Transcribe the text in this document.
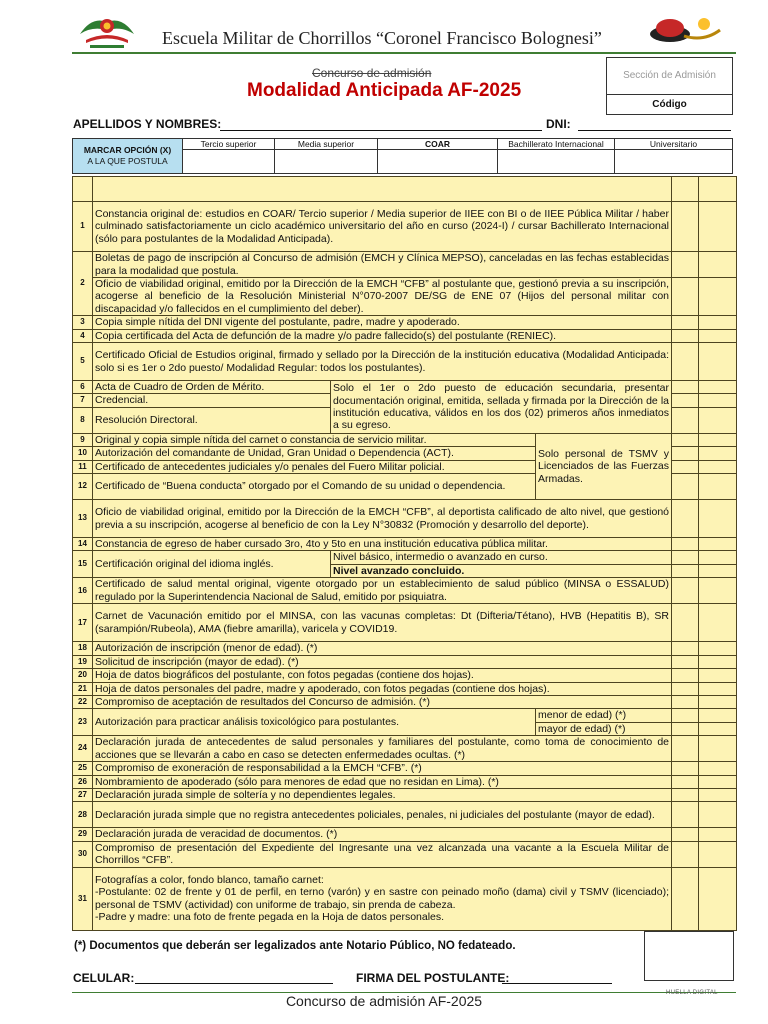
Escuela Militar de Chorrillos “Coronel Francisco Bolognesi”
Concurso de admisión
Modalidad Anticipada AF-2025
Sección de Admisión
Código
APELLIDOS Y NOMBRES:	DNI:
MARCAR OPCIÓN (X)
A LA QUE POSTULA	Tercio superior	Media superior	COAR	Bachillerato Internacional	Universitario

1	Constancia original de: estudios en COAR/ Tercio superior / Media superior de IIEE con BI o de IIEE Pública Militar / haber culminado satisfactoriamente un ciclo académico universitario del año en curso (2024-I) / cursar Bachillerato Internacional (sólo para postulantes de la Modalidad Anticipada).				
2	Boletas de pago de inscripción al Concurso de admisión (EMCH y Clínica MEPSO), canceladas en las fechas establecidas para la modalidad que postula.				
	Oficio de viabilidad original, emitido por la Dirección de la EMCH “CFB” al postulante que, gestionó previa a su inscripción, acogerse al beneficio de la Resolución Ministerial N°070-2007 DE/SG de ENE 07 (Hijos del personal militar con discapacidad y/o fallecidos en el cumplimiento del deber).				
3	Copia simple nítida del DNI vigente del postulante, padre, madre y apoderado.				
4	Copia certificada del Acta de defunción de la madre y/o padre fallecido(s) del postulante (RENIEC).				
5	Certificado Oficial de Estudios original, firmado y sellado por la Dirección de la institución educativa (Modalidad Anticipada: solo si es 1er o 2do puesto/ Modalidad Regular: todos los postulantes).				
6	Acta de Cuadro de Orden de Mérito.	Solo el 1er o 2do puesto de educación secundaria, presentar documentación original, emitida, sellada y firmada por la Dirección de la institución educativa, válidos en los dos (02) primeros años inmediatos a su egreso.			
7	Credencial.				
8	Resolución Directoral.				
9	Original y copia simple nítida del carnet o constancia de servicio militar.		Solo personal de TSMV y Licenciados de las Fuerzas Armadas.		
10	Autorización del comandante de Unidad, Gran Unidad o Dependencia (ACT).				
11	Certificado de antecedentes judiciales y/o penales del Fuero Militar policial.				
12	Certificado de “Buena conducta” otorgado por el Comando de su unidad o dependencia.				
13	Oficio de viabilidad original, emitido por la Dirección de la EMCH “CFB”, al deportista calificado de alto nivel, que gestionó previa a su inscripción, acogerse al beneficio de con la Ley N°30832 (Promoción y desarrollo del deporte).				
14	Constancia de egreso de haber cursado 3ro, 4to y 5to en una institución educativa pública militar.				
15	Certificación original del idioma inglés.	Nivel básico, intermedio o avanzado en curso.			
		Nivel avanzado concluido.			
16	Certificado de salud mental original, vigente otorgado por un establecimiento de salud público (MINSA o ESSALUD) regulado por la Superintendencia Nacional de Salud, emitido por psiquiatra.				
17	Carnet de Vacunación emitido por el MINSA, con las vacunas completas: Dt (Difteria/Tétano), HVB (Hepatitis B), SR (sarampión/Rubeola), AMA (fiebre amarilla), varicela y COVID19.				
18	Autorización de inscripción (menor de edad). (*)				
19	Solicitud de inscripción (mayor de edad). (*)				
20	Hoja de datos biográficos del postulante, con fotos pegadas (contiene dos hojas).				
21	Hoja de datos personales del padre, madre y apoderado, con fotos pegadas (contiene dos hojas).				
22	Compromiso de aceptación de resultados del Concurso de admisión. (*)				
23	Autorización para practicar análisis toxicológico para postulantes.		menor de edad) (*)		
			mayor de edad) (*)		
24	Declaración jurada de antecedentes de salud personales y familiares del postulante, como toma de conocimiento de acciones que se llevarán a cabo en caso se detecten enfermedades ocultas. (*)				
25	Compromiso de exoneración de responsabilidad a la EMCH “CFB”. (*)				
26	Nombramiento de apoderado (sólo para menores de edad que no residan en Lima). (*)				
27	Declaración jurada simple de soltería y no dependientes legales.				
28	Declaración jurada simple que no registra antecedentes policiales, penales, ni judiciales del postulante (mayor de edad).				
29	Declaración jurada de veracidad de documentos. (*)				
30	Compromiso de presentación del Expediente del Ingresante una vez alcanzada una vacante a la Escuela Militar de Chorrillos “CFB”.				
31	Fotografías a color, fondo blanco, tamaño carnet:
-Postulante: 02 de frente y 01 de perfil, en terno (varón) y en sastre con peinado moño (dama) civil y TSMV (licenciado); personal de TSMV (actividad) con uniforme de trabajo, sin prenda de cabeza.
-Padre y madre: una foto de frente pegada en la Hoja de datos personales.				
(*) Documentos que deberán ser legalizados ante Notario Público, NO fedateado.
CELULAR:	FIRMA DEL POSTULANTE:
HUELLA DIGITAL
Concurso de admisión AF-2025
